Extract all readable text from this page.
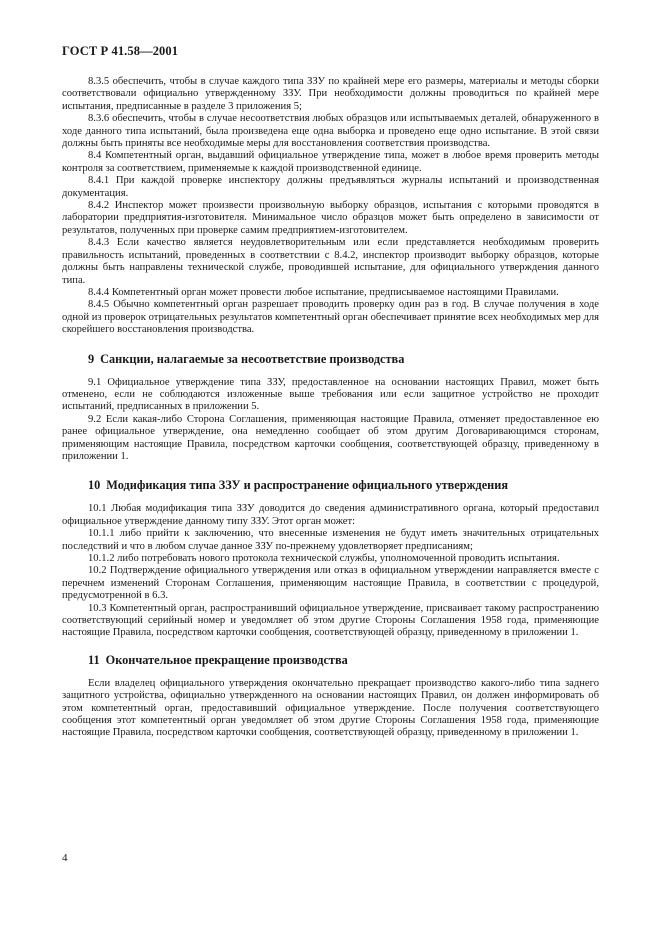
ГОСТ Р 41.58—2001

8.3.5 обеспечить, чтобы в случае каждого типа ЗЗУ по крайней мере его размеры, материалы и методы сборки соответствовали официально утвержденному ЗЗУ. При необходимости должны проводиться по крайней мере испытания, предписанные в разделе 3 приложения 5;

8.3.6 обеспечить, чтобы в случае несоответствия любых образцов или испытываемых деталей, обнаруженного в ходе данного типа испытаний, была произведена еще одна выборка и проведено еще одно испытание. В этой связи должны быть приняты все необходимые меры для восстановления соответствия производства.

8.4 Компетентный орган, выдавший официальное утверждение типа, может в любое время проверить методы контроля за соответствием, применяемые к каждой производственной единице.

8.4.1 При каждой проверке инспектору должны предъявляться журналы испытаний и производственная документация.

8.4.2 Инспектор может произвести произвольную выборку образцов, испытания с которыми проводятся в лаборатории предприятия-изготовителя. Минимальное число образцов может быть определено в зависимости от результатов, полученных при проверке самим предприятием-изготовителем.

8.4.3 Если качество является неудовлетворительным или если представляется необходимым проверить правильность испытаний, проведенных в соответствии с 8.4.2, инспектор производит выборку образцов, которые должны быть направлены технической службе, проводившей испытание, для официального утверждения данного типа.

8.4.4 Компетентный орган может провести любое испытание, предписываемое настоящими Правилами.

8.4.5 Обычно компетентный орган разрешает проводить проверку один раз в год. В случае получения в ходе одной из проверок отрицательных результатов компетентный орган обеспечивает принятие всех необходимых мер для скорейшего восстановления производства.

9 Санкции, налагаемые за несоответствие производства

9.1 Официальное утверждение типа ЗЗУ, предоставленное на основании настоящих Правил, может быть отменено, если не соблюдаются изложенные выше требования или если защитное устройство не проходит испытаний, предписанных в приложении 5.

9.2 Если какая-либо Сторона Соглашения, применяющая настоящие Правила, отменяет предоставленное ею ранее официальное утверждение, она немедленно сообщает об этом другим Договаривающимся сторонам, применяющим настоящие Правила, посредством карточки сообщения, соответствующей образцу, приведенному в приложении 1.

10 Модификация типа ЗЗУ и распространение официального утверждения

10.1 Любая модификация типа ЗЗУ доводится до сведения административного органа, который предоставил официальное утверждение данному типу ЗЗУ. Этот орган может:

10.1.1 либо прийти к заключению, что внесенные изменения не будут иметь значительных отрицательных последствий и что в любом случае данное ЗЗУ по-прежнему удовлетворяет предписаниям;

10.1.2 либо потребовать нового протокола технической службы, уполномоченной проводить испытания.

10.2 Подтверждение официального утверждения или отказ в официальном утверждении направляется вместе с перечнем изменений Сторонам Соглашения, применяющим настоящие Правила, в соответствии с процедурой, предусмотренной в 6.3.

10.3 Компетентный орган, распространивший официальное утверждение, присваивает такому распространению соответствующий серийный номер и уведомляет об этом другие Стороны Соглашения 1958 года, применяющие настоящие Правила, посредством карточки сообщения, соответствующей образцу, приведенному в приложении 1.

11 Окончательное прекращение производства

Если владелец официального утверждения окончательно прекращает производство какого-либо типа заднего защитного устройства, официально утвержденного на основании настоящих Правил, он должен информировать об этом компетентный орган, предоставивший официальное утверждение. После получения соответствующего сообщения этот компетентный орган уведомляет об этом другие Стороны Соглашения 1958 года, применяющие настоящие Правила, посредством карточки сообщения, соответствующей образцу, приведенному в приложении 1.

4
